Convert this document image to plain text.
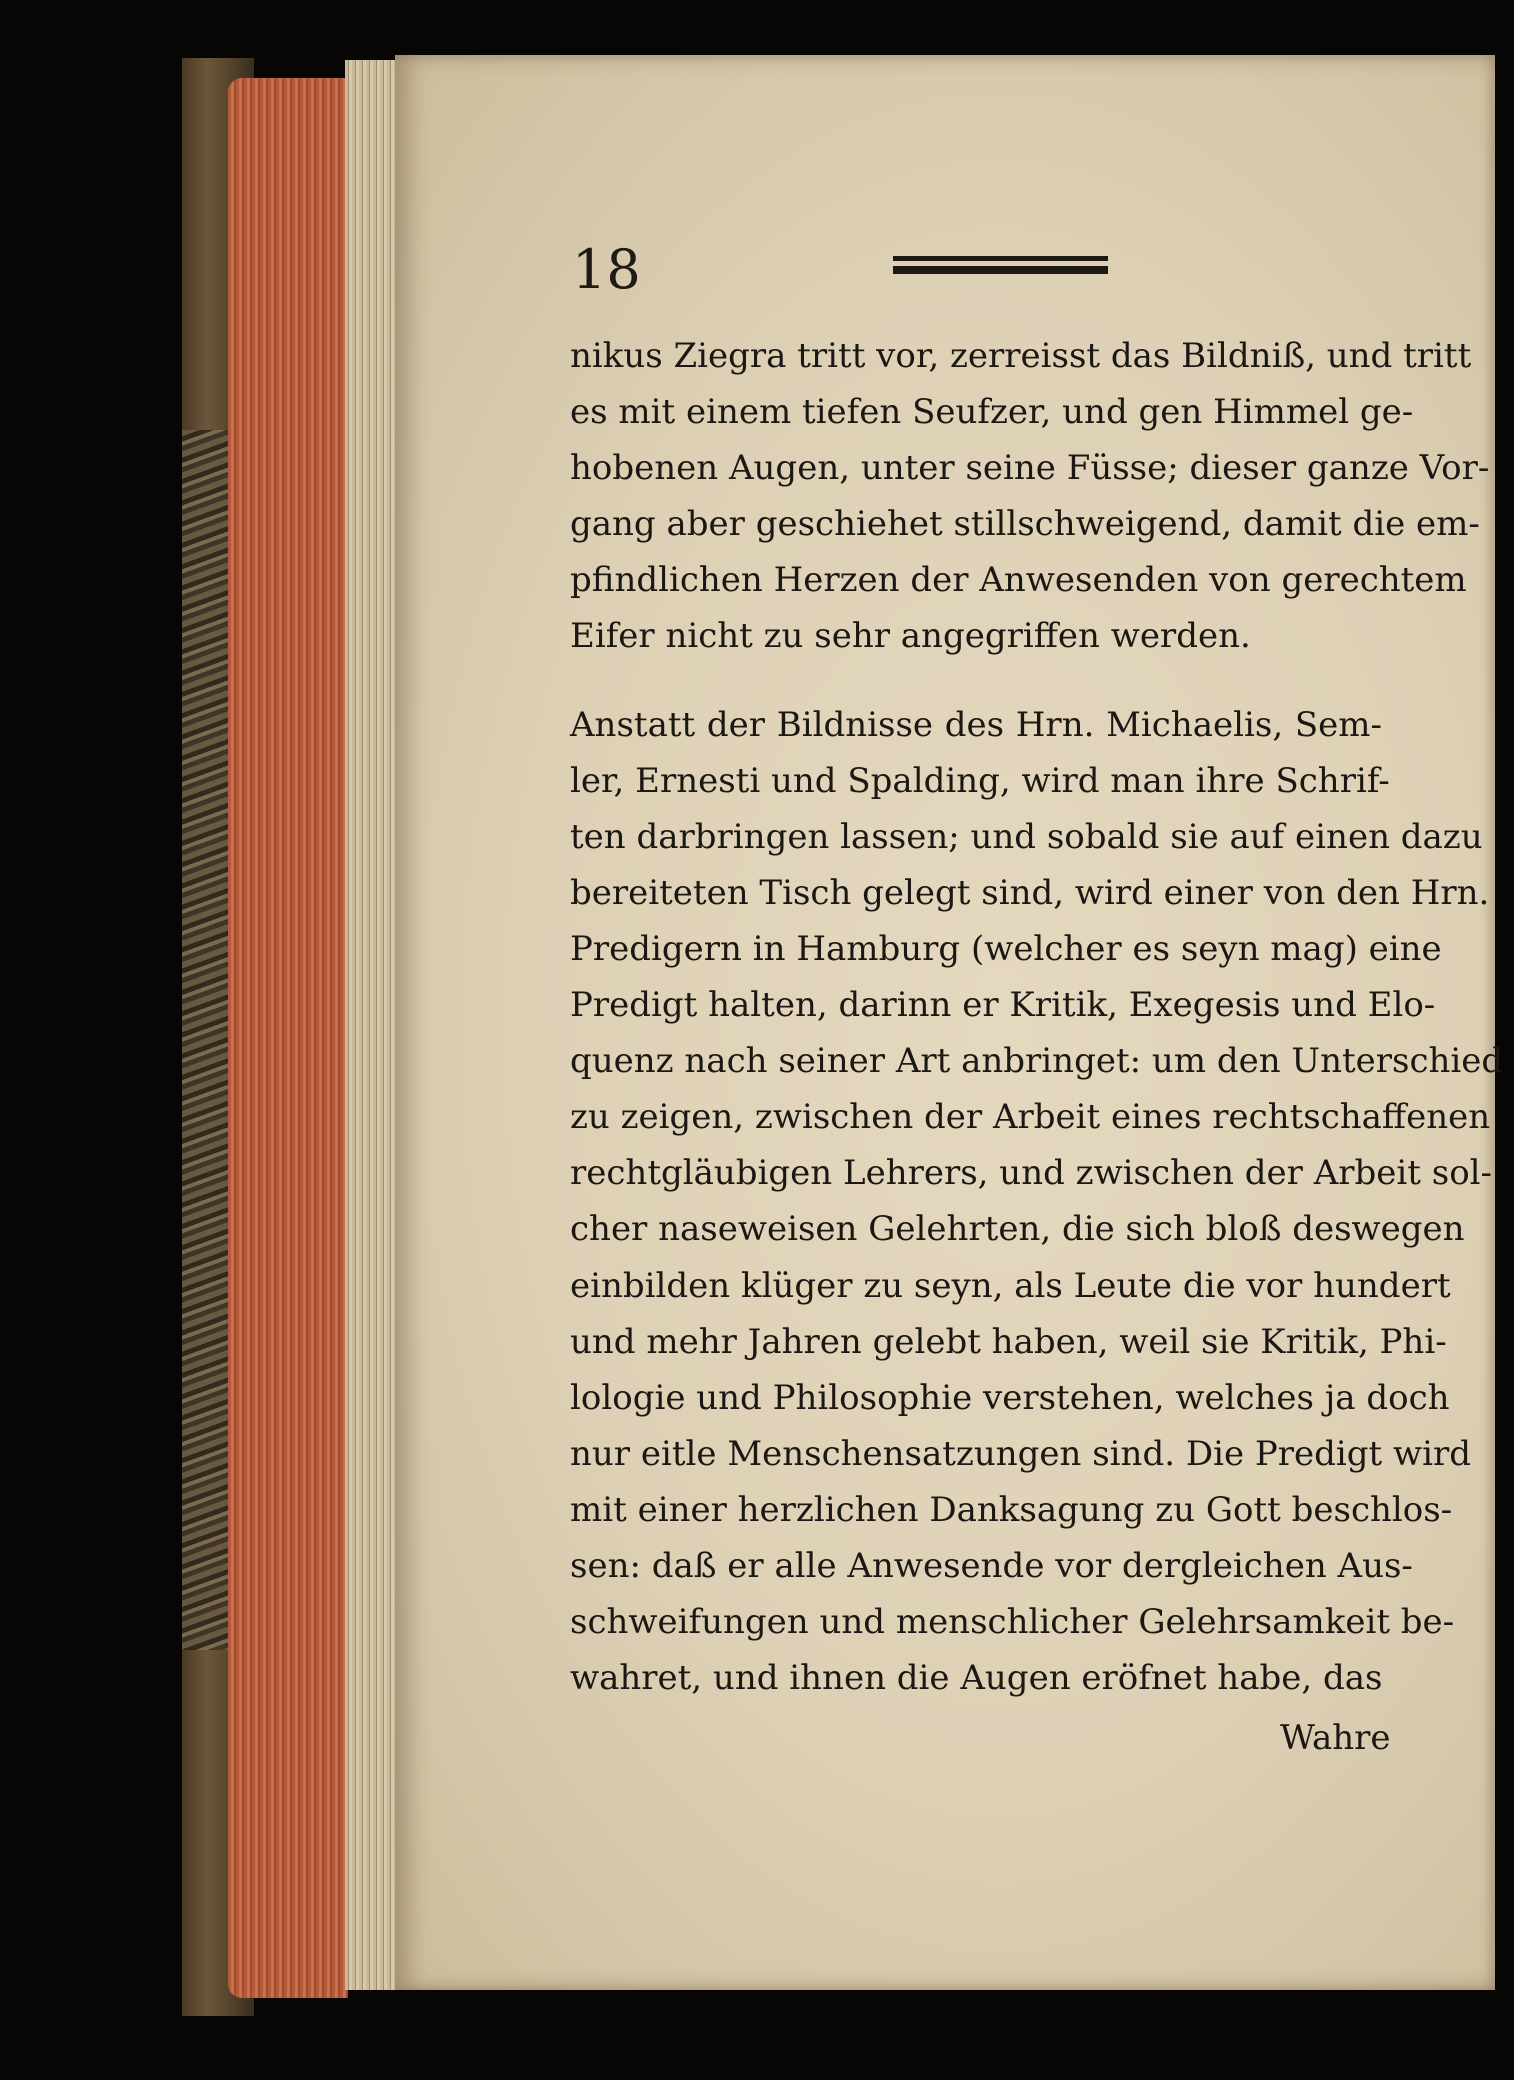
18
nikus Ziegra tritt vor, zerreisst das Bildniß, und tritt
es mit einem tiefen Seufzer, und gen Himmel ge-
hobenen Augen, unter seine Füsse; dieser ganze Vor-
gang aber geschiehet stillschweigend, damit die em-
pfindlichen Herzen der Anwesenden von gerechtem
Eifer nicht zu sehr angegriffen werden.
Anstatt der Bildnisse des Hrn. Michaelis, Sem-
ler, Ernesti und Spalding, wird man ihre Schrif-
ten darbringen lassen; und sobald sie auf einen dazu
bereiteten Tisch gelegt sind, wird einer von den Hrn.
Predigern in Hamburg (welcher es seyn mag) eine
Predigt halten, darinn er Kritik, Exegesis und Elo-
quenz nach seiner Art anbringet: um den Unterschied
zu zeigen, zwischen der Arbeit eines rechtschaffenen
rechtgläubigen Lehrers, und zwischen der Arbeit sol-
cher naseweisen Gelehrten, die sich bloß deswegen
einbilden klüger zu seyn, als Leute die vor hundert
und mehr Jahren gelebt haben, weil sie Kritik, Phi-
lologie und Philosophie verstehen, welches ja doch
nur eitle Menschensatzungen sind. Die Predigt wird
mit einer herzlichen Danksagung zu Gott beschlos-
sen: daß er alle Anwesende vor dergleichen Aus-
schweifungen und menschlicher Gelehrsamkeit be-
wahret, und ihnen die Augen eröfnet habe, das
Wahre
